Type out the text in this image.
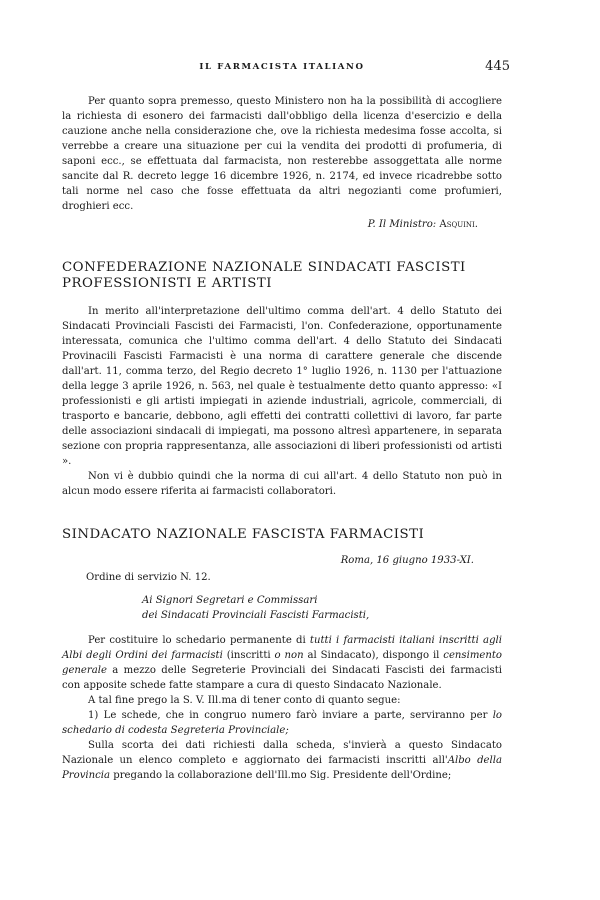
IL FARMACISTA ITALIANO	445

Per quanto sopra premesso, questo Ministero non ha la possibilità di accogliere la richiesta di esonero dei farmacisti dall'obbligo della licenza d'esercizio e della cauzione anche nella considerazione che, ove la richiesta medesima fosse accolta, si verrebbe a creare una situazione per cui la vendita dei prodotti di profumeria, di saponi ecc., se effettuata dal farmacista, non resterebbe assoggettata alle norme sancite dal R. decreto legge 16 dicembre 1926, n. 2174, ed invece ricadrebbe sotto tali norme nel caso che fosse effettuata da altri negozianti come profumieri, droghieri ecc.

P. Il Ministro: Asquini.
CONFEDERAZIONE NAZIONALE SINDACATI FASCISTI
PROFESSIONISTI E ARTISTI

In merito all'interpretazione dell'ultimo comma dell'art. 4 dello Statuto dei Sindacati Provinciali Fascisti dei Farmacisti, l'on. Confederazione, opportunamente interessata, comunica che l'ultimo comma dell'art. 4 dello Statuto dei Sindacati Provinacili Fascisti Farmacisti è una norma di carattere generale che discende dall'art. 11, comma terzo, del Regio decreto 1° luglio 1926, n. 1130 per l'attuazione della legge 3 aprile 1926, n. 563, nel quale è testualmente detto quanto appresso: «I professionisti e gli artisti impiegati in aziende industriali, agricole, commerciali, di trasporto e bancarie, debbono, agli effetti dei contratti collettivi di lavoro, far parte delle associazioni sindacali di impiegati, ma possono altresì appartenere, in separata sezione con propria rappresentanza, alle associazioni di liberi professionisti od artisti ».

Non vi è dubbio quindi che la norma di cui all'art. 4 dello Statuto non può in alcun modo essere riferita ai farmacisti collaboratori.

SINDACATO NAZIONALE FASCISTA FARMACISTI
Roma, 16 giugno 1933-XI.
Ordine di servizio N. 12.
Ai Signori Segretari e Commissari
dei Sindacati Provinciali Fascisti Farmacisti,

Per costituire lo schedario permanente di tutti i farmacisti italiani inscritti agli Albi degli Ordini dei farmacisti (inscritti o non al Sindacato), dispongo il censimento generale a mezzo delle Segreterie Provinciali dei Sindacati Fascisti dei farmacisti con apposite schede fatte stampare a cura di questo Sindacato Nazionale.

A tal fine prego la S. V. Ill.ma di tener conto di quanto segue:

1) Le schede, che in congruo numero farò inviare a parte, serviranno per lo schedario di codesta Segreteria Provinciale;

Sulla scorta dei dati richiesti dalla scheda, s'invierà a questo Sindacato Nazionale un elenco completo e aggiornato dei farmacisti inscritti all'Albo della Provincia pregando la collaborazione dell'Ill.mo Sig. Presidente dell'Ordine;
